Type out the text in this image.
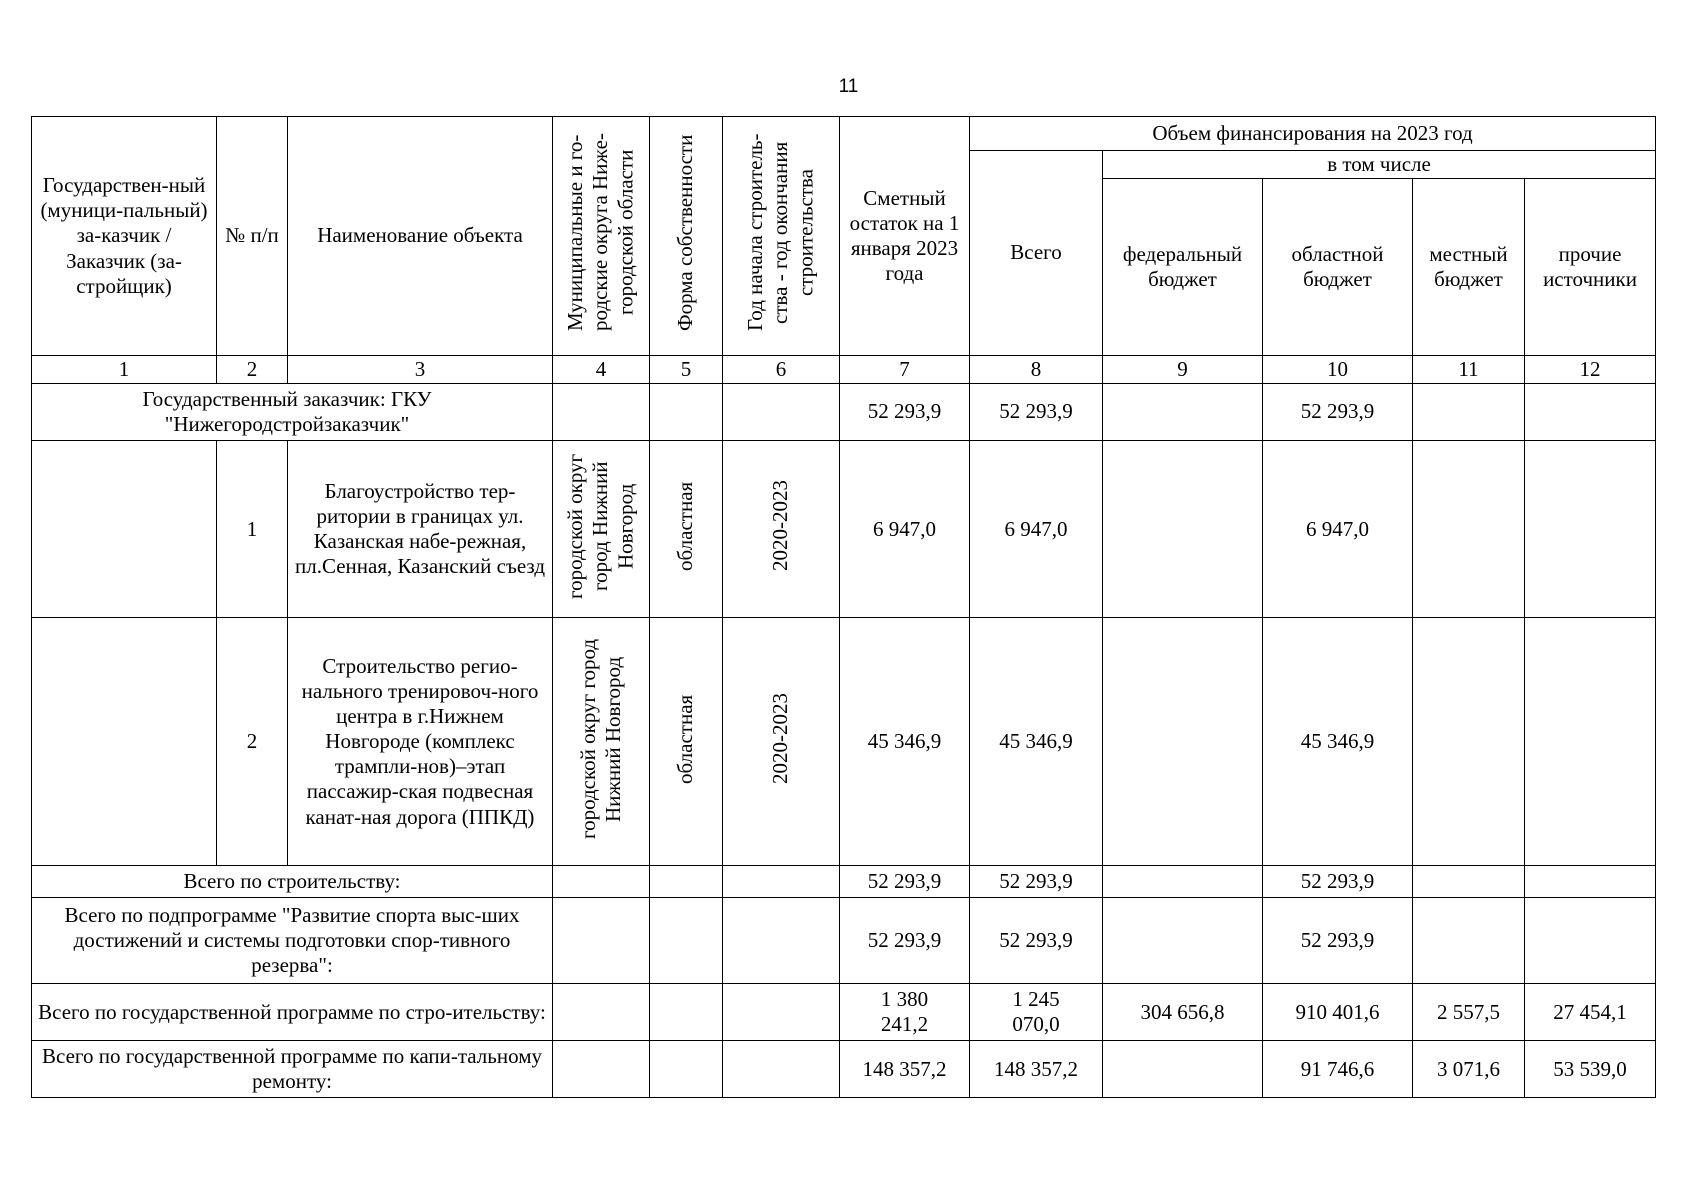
11
Государствен-ный (муници-пальный) за-казчик / Заказчик (за-стройщик)	№ п/п	Наименование объекта	Муниципальные и го-родские округа Ниже-городской области	Форма собственности	Год начала строитель-ства - год окончания строительства	Сметный остаток на 1 января 2023 года	Объем финансирования на 2023 год				
							Всего	в том числе			
								федеральный бюджет	областной бюджет	местный бюджет	прочие источники
1	2	3	4	5	6	7	8	9	10	11	12
Государственный заказчик: ГКУ "Нижегородстройзаказчик"						52 293,9	52 293,9		52 293,9		
	1	Благоустройство тер-ритории в границах ул. Казанская набе-режная, пл.Сенная, Казанский съезд	городской округ город Нижний Новгород	областная	2020-2023	6 947,0	6 947,0		6 947,0		
	2	Строительство регио-нального тренировоч-ного центра в г.Нижнем Новгороде (комплекс трампли-нов)–этап пассажир-ская подвесная канат-ная дорога (ППКД)	городской округ город Нижний Новгород	областная	2020-2023	45 346,9	45 346,9		45 346,9		
Всего по строительству:						52 293,9	52 293,9		52 293,9		
Всего по подпрограмме "Развитие спорта выс-ших достижений и системы подготовки спор-тивного резерва":						52 293,9	52 293,9		52 293,9		
Всего по государственной программе по стро-ительству:						1 380 241,2	1 245 070,0	304 656,8	910 401,6	2 557,5	27 454,1
Всего по государственной программе по капи-тальному ремонту:						148 357,2	148 357,2		91 746,6	3 071,6	53 539,0
